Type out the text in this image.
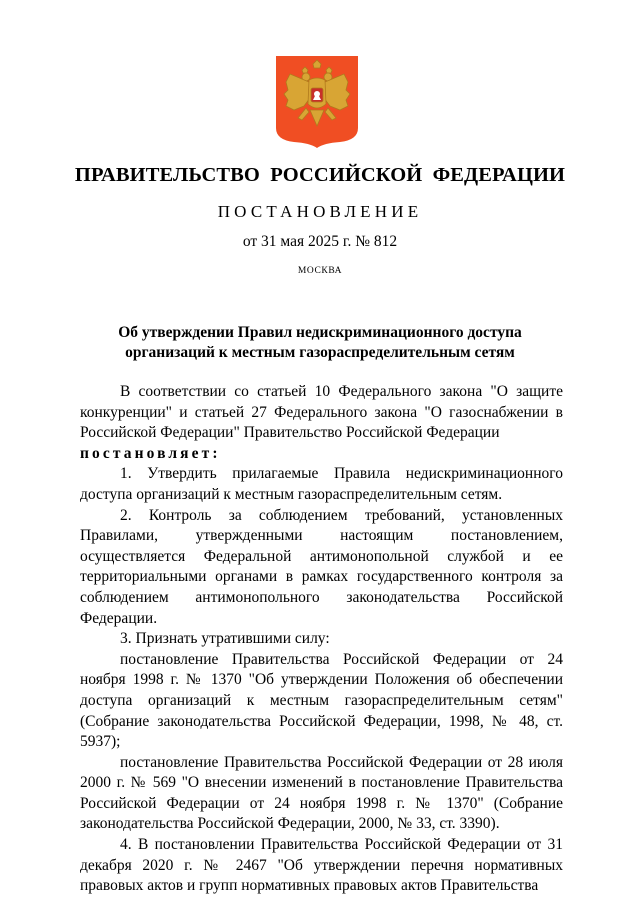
ПРАВИТЕЛЬСТВО РОССИЙСКОЙ ФЕДЕРАЦИИ
ПОСТАНОВЛЕНИЕ
от 31 мая 2025 г. № 812
МОСКВА
Об утверждении Правил недискриминационного доступа
организаций к местным газораспределительным сетям

В соответствии со статьей 10 Федерального закона "О защите конкуренции" и статьей 27 Федерального закона "О газоснабжении в Российской Федерации" Правительство Российской Федерации

постановляет:

1. Утвердить прилагаемые Правила недискриминационного доступа организаций к местным газораспределительным сетям.

2. Контроль за соблюдением требований, установленных Правилами, утвержденными настоящим постановлением, осуществляется Федеральной антимонопольной службой и ее территориальными органами в рамках государственного контроля за соблюдением антимонопольного законодательства Российской Федерации.

3. Признать утратившими силу:

постановление Правительства Российской Федерации от 24 ноября 1998 г. № 1370 "Об утверждении Положения об обеспечении доступа организаций к местным газораспределительным сетям" (Собрание законодательства Российской Федерации, 1998, № 48, ст. 5937);

постановление Правительства Российской Федерации от 28 июля 2000 г. № 569 "О внесении изменений в постановление Правительства Российской Федерации от 24 ноября 1998 г. № 1370" (Собрание законодательства Российской Федерации, 2000, № 33, ст. 3390).

4. В постановлении Правительства Российской Федерации от 31 декабря 2020 г. № 2467 "Об утверждении перечня нормативных правовых актов и групп нормативных правовых актов Правительства
